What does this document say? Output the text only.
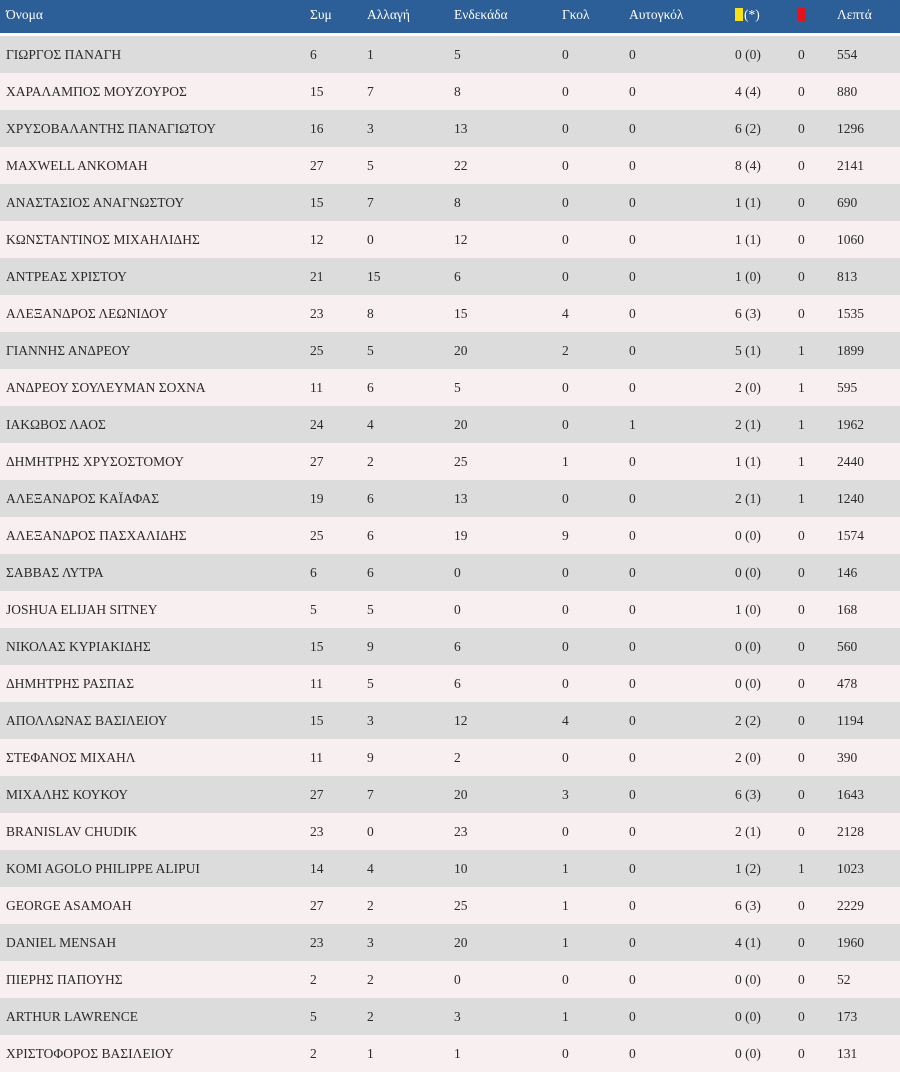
Όνομα	Συμ	Αλλαγή	Ενδεκάδα	Γκολ	Αυτογκόλ	(*)		Λεπτά
ΓΙΩΡΓΟΣ ΠΑΝΑΓΗ	6	1	5	0	0	0 (0)	0	554
ΧΑΡΑΛΑΜΠΟΣ ΜΟΥΖΟΥΡΟΣ	15	7	8	0	0	4 (4)	0	880
ΧΡΥΣΟΒΑΛΑΝΤΗΣ ΠΑΝΑΓΙΩΤΟΥ	16	3	13	0	0	6 (2)	0	1296
MAXWELL ANKOMAH	27	5	22	0	0	8 (4)	0	2141
ΑΝΑΣΤΑΣΙΟΣ ΑΝΑΓΝΩΣΤΟΥ	15	7	8	0	0	1 (1)	0	690
ΚΩΝΣΤΑΝΤΙΝΟΣ ΜΙΧΑΗΛΙΔΗΣ	12	0	12	0	0	1 (1)	0	1060
ΑΝΤΡΕΑΣ ΧΡΙΣΤΟΥ	21	15	6	0	0	1 (0)	0	813
ΑΛΕΞΑΝΔΡΟΣ ΛΕΩΝΙΔΟΥ	23	8	15	4	0	6 (3)	0	1535
ΓΙΑΝΝΗΣ ΑΝΔΡΕΟΥ	25	5	20	2	0	5 (1)	1	1899
ΑΝΔΡΕΟΥ ΣΟΥΛΕΥΜΑΝ ΣΟΧΝΑ	11	6	5	0	0	2 (0)	1	595
ΙΑΚΩΒΟΣ ΛΑΟΣ	24	4	20	0	1	2 (1)	1	1962
ΔΗΜΗΤΡΗΣ ΧΡΥΣΟΣΤΟΜΟΥ	27	2	25	1	0	1 (1)	1	2440
ΑΛΕΞΑΝΔΡΟΣ ΚΑΪΑΦΑΣ	19	6	13	0	0	2 (1)	1	1240
ΑΛΕΞΑΝΔΡΟΣ ΠΑΣΧΑΛΙΔΗΣ	25	6	19	9	0	0 (0)	0	1574
ΣΑΒΒΑΣ ΛΥΤΡΑ	6	6	0	0	0	0 (0)	0	146
JOSHUA ELIJAH SITNEY	5	5	0	0	0	1 (0)	0	168
ΝΙΚΟΛΑΣ ΚΥΡΙΑΚΙΔΗΣ	15	9	6	0	0	0 (0)	0	560
ΔΗΜΗΤΡΗΣ ΡΑΣΠΑΣ	11	5	6	0	0	0 (0)	0	478
ΑΠΟΛΛΩΝΑΣ ΒΑΣΙΛΕΙΟΥ	15	3	12	4	0	2 (2)	0	1194
ΣΤΕΦΑΝΟΣ ΜΙΧΑΗΛ	11	9	2	0	0	2 (0)	0	390
ΜΙΧΑΛΗΣ ΚΟΥΚΟΥ	27	7	20	3	0	6 (3)	0	1643
BRANISLAV CHUDIK	23	0	23	0	0	2 (1)	0	2128
KOMI AGOLO PHILIPPE ALIPUI	14	4	10	1	0	1 (2)	1	1023
GEORGE ASAMOAH	27	2	25	1	0	6 (3)	0	2229
DANIEL MENSAH	23	3	20	1	0	4 (1)	0	1960
ΠΙΕΡΗΣ ΠΑΠΟΥΗΣ	2	2	0	0	0	0 (0)	0	52
ARTHUR LAWRENCE	5	2	3	1	0	0 (0)	0	173
ΧΡΙΣΤΟΦΟΡΟΣ ΒΑΣΙΛΕΙΟΥ	2	1	1	0	0	0 (0)	0	131
